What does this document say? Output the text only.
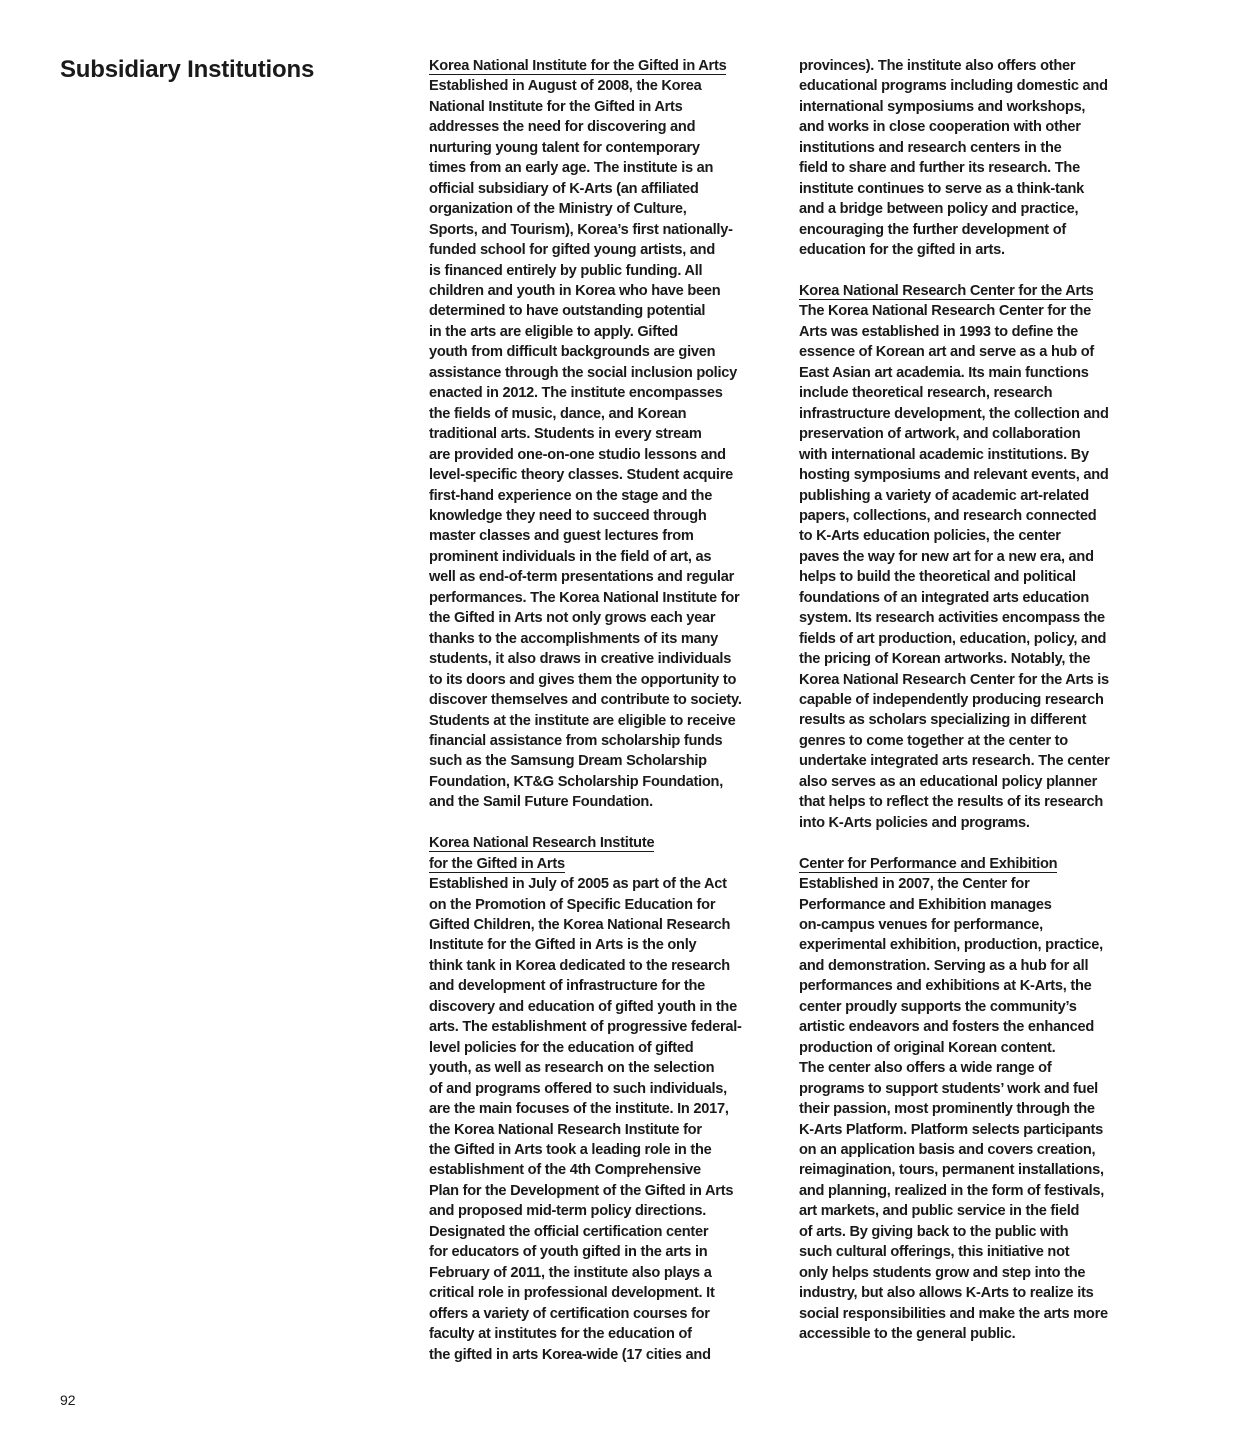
Subsidiary Institutions	Korea National Institute for the Gifted in Arts
Established in August of 2008, the Korea
National Institute for the Gifted in Arts
addresses the need for discovering and
nurturing young talent for contemporary
times from an early age. The institute is an
official subsidiary of K-Arts (an affiliated
organization of the Ministry of Culture,
Sports, and Tourism), Korea’s first nationally-
funded school for gifted young artists, and
is financed entirely by public funding. All
children and youth in Korea who have been
determined to have outstanding potential
in the arts are eligible to apply. Gifted
youth from difficult backgrounds are given
assistance through the social inclusion policy
enacted in 2012. The institute encompasses
the fields of music, dance, and Korean
traditional arts. Students in every stream
are provided one-on-one studio lessons and
level-specific theory classes. Student acquire
first-hand experience on the stage and the
knowledge they need to succeed through
master classes and guest lectures from
prominent individuals in the field of art, as
well as end-of-term presentations and regular
performances. The Korea National Institute for
the Gifted in Arts not only grows each year
thanks to the accomplishments of its many
students, it also draws in creative individuals
to its doors and gives them the opportunity to
discover themselves and contribute to society.
Students at the institute are eligible to receive
financial assistance from scholarship funds
such as the Samsung Dream Scholarship
Foundation, KT&G Scholarship Foundation,
and the Samil Future Foundation.
Korea National Research Institute
for the Gifted in Arts
Established in July of 2005 as part of the Act
on the Promotion of Specific Education for
Gifted Children, the Korea National Research
Institute for the Gifted in Arts is the only
think tank in Korea dedicated to the research
and development of infrastructure for the
discovery and education of gifted youth in the
arts. The establishment of progressive federal-
level policies for the education of gifted
youth, as well as research on the selection
of and programs offered to such individuals,
are the main focuses of the institute. In 2017,
the Korea National Research Institute for
the Gifted in Arts took a leading role in the
establishment of the 4th Comprehensive
Plan for the Development of the Gifted in Arts
and proposed mid-term policy directions.
Designated the official certification center
for educators of youth gifted in the arts in
February of 2011, the institute also plays a
critical role in professional development. It
offers a variety of certification courses for
faculty at institutes for the education of
the gifted in arts Korea-wide (17 cities and
provinces). The institute also offers other
educational programs including domestic and
international symposiums and workshops,
and works in close cooperation with other
institutions and research centers in the
field to share and further its research. The
institute continues to serve as a think-tank
and a bridge between policy and practice,
encouraging the further development of
education for the gifted in arts.
Korea National Research Center for the Arts
The Korea National Research Center for the
Arts was established in 1993 to define the
essence of Korean art and serve as a hub of
East Asian art academia. Its main functions
include theoretical research, research
infrastructure development, the collection and
preservation of artwork, and collaboration
with international academic institutions. By
hosting symposiums and relevant events, and
publishing a variety of academic art-related
papers, collections, and research connected
to K-Arts education policies, the center
paves the way for new art for a new era, and
helps to build the theoretical and political
foundations of an integrated arts education
system. Its research activities encompass the
fields of art production, education, policy, and
the pricing of Korean artworks. Notably, the
Korea National Research Center for the Arts is
capable of independently producing research
results as scholars specializing in different
genres to come together at the center to
undertake integrated arts research. The center
also serves as an educational policy planner
that helps to reflect the results of its research
into K-Arts policies and programs.
Center for Performance and Exhibition
Established in 2007, the Center for
Performance and Exhibition manages
on-campus venues for performance,
experimental exhibition, production, practice,
and demonstration. Serving as a hub for all
performances and exhibitions at K-Arts, the
center proudly supports the community’s
artistic endeavors and fosters the enhanced
production of original Korean content.
The center also offers a wide range of
programs to support students’ work and fuel
their passion, most prominently through the
K-Arts Platform. Platform selects participants
on an application basis and covers creation,
reimagination, tours, permanent installations,
and planning, realized in the form of festivals,
art markets, and public service in the field
of arts. By giving back to the public with
such cultural offerings, this initiative not
only helps students grow and step into the
industry, but also allows K-Arts to realize its
social responsibilities and make the arts more
accessible to the general public.
92
